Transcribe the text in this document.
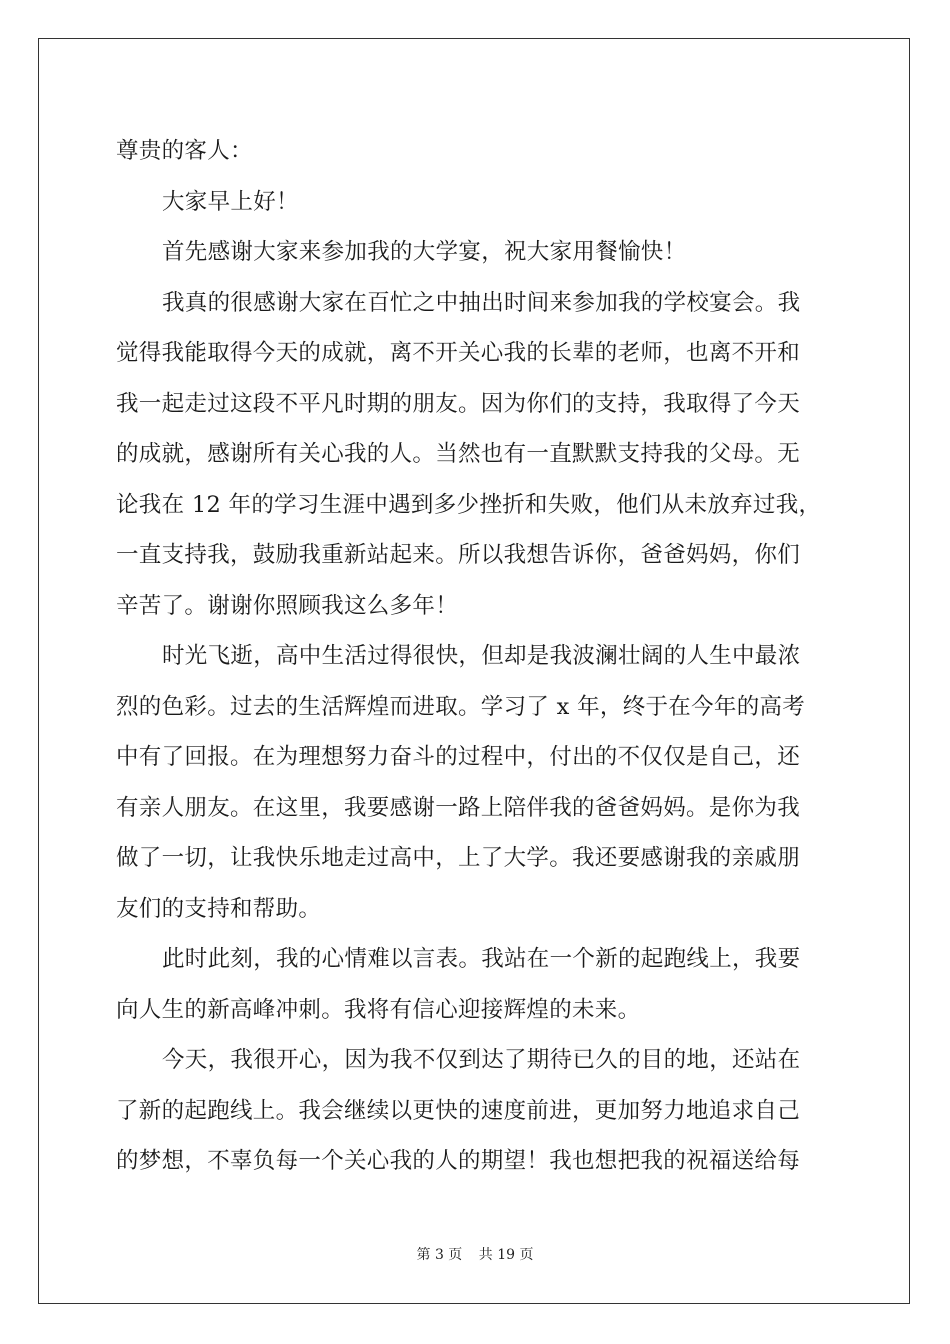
尊贵的客人：
大家早上好！
首先感谢大家来参加我的大学宴，祝大家用餐愉快！
我真的很感谢大家在百忙之中抽出时间来参加我的学校宴会。我
觉得我能取得今天的成就，离不开关心我的长辈的老师，也离不开和
我一起走过这段不平凡时期的朋友。因为你们的支持，我取得了今天
的成就，感谢所有关心我的人。当然也有一直默默支持我的父母。无
论我在 12 年的学习生涯中遇到多少挫折和失败，他们从未放弃过我，
一直支持我，鼓励我重新站起来。所以我想告诉你，爸爸妈妈，你们
辛苦了。谢谢你照顾我这么多年！
时光飞逝，高中生活过得很快，但却是我波澜壮阔的人生中最浓
烈的色彩。过去的生活辉煌而进取。学习了 x 年，终于在今年的高考
中有了回报。在为理想努力奋斗的过程中，付出的不仅仅是自己，还
有亲人朋友。在这里，我要感谢一路上陪伴我的爸爸妈妈。是你为我
做了一切，让我快乐地走过高中，上了大学。我还要感谢我的亲戚朋
友们的支持和帮助。
此时此刻，我的心情难以言表。我站在一个新的起跑线上，我要
向人生的新高峰冲刺。我将有信心迎接辉煌的未来。
今天，我很开心，因为我不仅到达了期待已久的目的地，还站在
了新的起跑线上。我会继续以更快的速度前进，更加努力地追求自己
的梦想，不辜负每一个关心我的人的期望！我也想把我的祝福送给每
第 3 页 共 19 页
